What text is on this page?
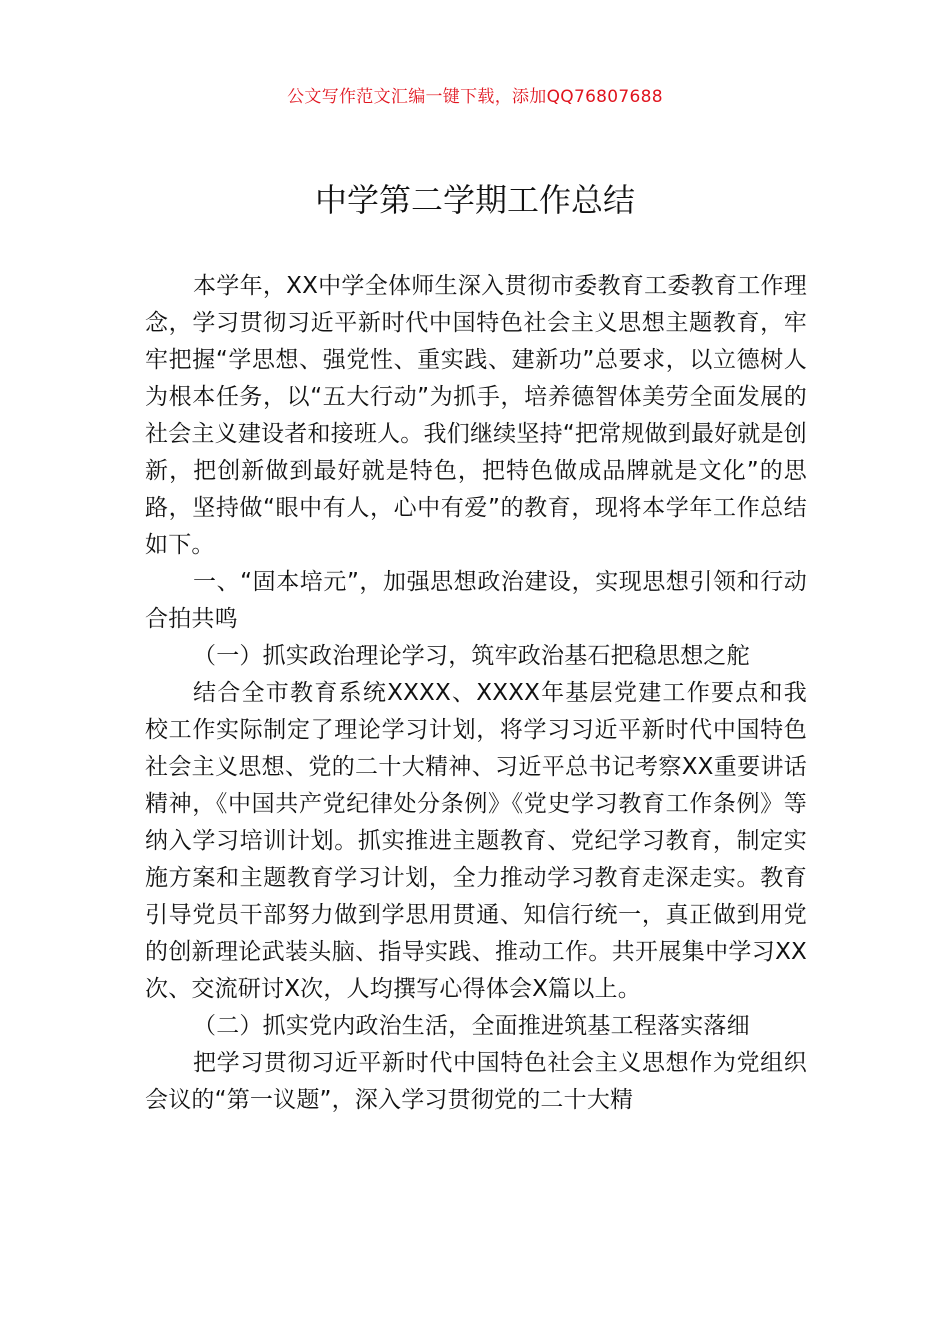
公文写作范文汇编一键下载，添加QQ76807688
中学第二学期工作总结

本学年，XX中学全体师生深入贯彻市委教育工委教育工作理念，学习贯彻习近平新时代中国特色社会主义思想主题教育，牢牢把握“学思想、强党性、重实践、建新功”总要求，以立德树人为根本任务，以“五大行动”为抓手，培养德智体美劳全面发展的社会主义建设者和接班人。我们继续坚持“把常规做到最好就是创新，把创新做到最好就是特色，把特色做成品牌就是文化”的思路，坚持做“眼中有人，心中有爱”的教育，现将本学年工作总结如下。

一、“固本培元”，加强思想政治建设，实现思想引领和行动合拍共鸣

（一）抓实政治理论学习，筑牢政治基石把稳思想之舵

结合全市教育系统XXXX、XXXX年基层党建工作要点和我校工作实际制定了理论学习计划，将学习习近平新时代中国特色社会主义思想、党的二十大精神、习近平总书记考察XX重要讲话精神，《中国共产党纪律处分条例》《党史学习教育工作条例》等纳入学习培训计划。抓实推进主题教育、党纪学习教育，制定实施方案和主题教育学习计划，全力推动学习教育走深走实。教育引导党员干部努力做到学思用贯通、知信行统一，真正做到用党的创新理论武装头脑、指导实践、推动工作。共开展集中学习XX次、交流研讨X次，人均撰写心得体会X篇以上。

（二）抓实党内政治生活，全面推进筑基工程落实落细

把学习贯彻习近平新时代中国特色社会主义思想作为党组织会议的“第一议题”，深入学习贯彻党的二十大精
